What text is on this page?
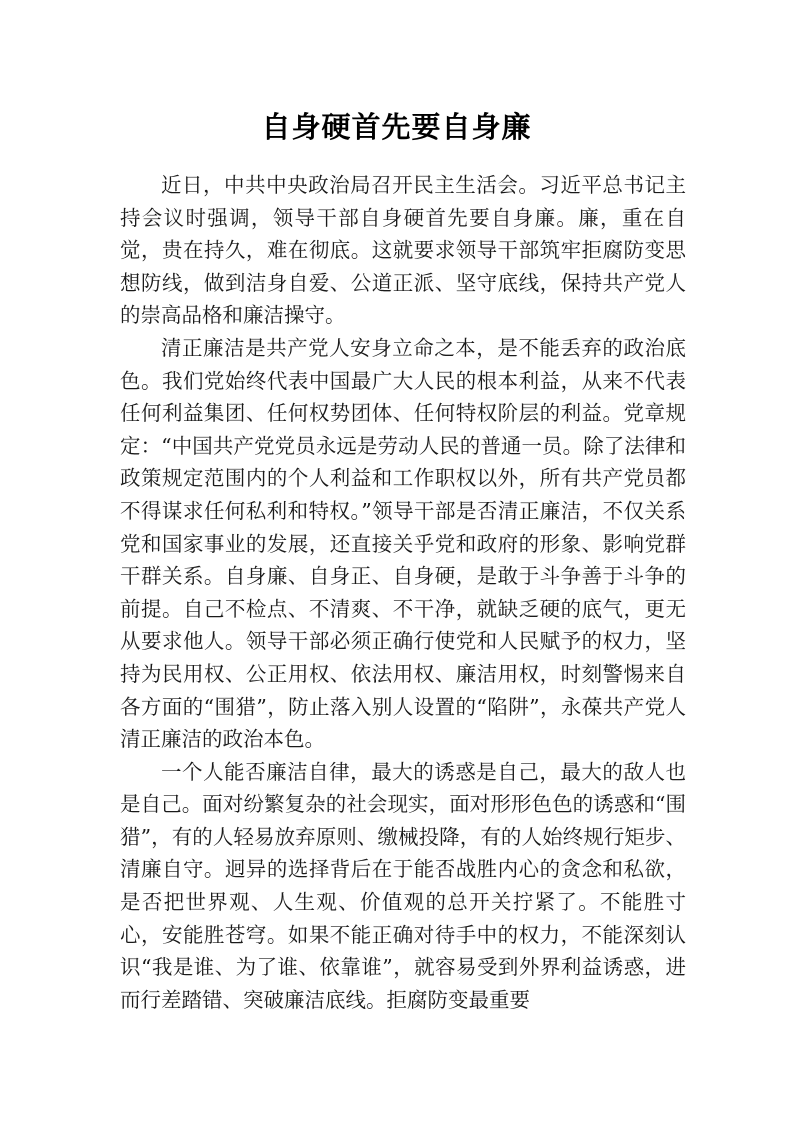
自身硬首先要自身廉

近日，中共中央政治局召开民主生活会。习近平总书记主持会议时强调，领导干部自身硬首先要自身廉。廉，重在自觉，贵在持久，难在彻底。这就要求领导干部筑牢拒腐防变思想防线，做到洁身自爱、公道正派、坚守底线，保持共产党人的崇高品格和廉洁操守。

清正廉洁是共产党人安身立命之本，是不能丢弃的政治底色。我们党始终代表中国最广大人民的根本利益，从来不代表任何利益集团、任何权势团体、任何特权阶层的利益。党章规定：“中国共产党党员永远是劳动人民的普通一员。除了法律和政策规定范围内的个人利益和工作职权以外，所有共产党员都不得谋求任何私利和特权。”领导干部是否清正廉洁，不仅关系党和国家事业的发展，还直接关乎党和政府的形象、影响党群干群关系。自身廉、自身正、自身硬，是敢于斗争善于斗争的前提。自己不检点、不清爽、不干净，就缺乏硬的底气，更无从要求他人。领导干部必须正确行使党和人民赋予的权力，坚持为民用权、公正用权、依法用权、廉洁用权，时刻警惕来自各方面的“围猎”，防止落入别人设置的“陷阱”，永葆共产党人清正廉洁的政治本色。

一个人能否廉洁自律，最大的诱惑是自己，最大的敌人也是自己。面对纷繁复杂的社会现实，面对形形色色的诱惑和“围猎”，有的人轻易放弃原则、缴械投降，有的人始终规行矩步、清廉自守。迥异的选择背后在于能否战胜内心的贪念和私欲，是否把世界观、人生观、价值观的总开关拧紧了。不能胜寸心，安能胜苍穹。如果不能正确对待手中的权力，不能深刻认识“我是谁、为了谁、依靠谁”，就容易受到外界利益诱惑，进而行差踏错、突破廉洁底线。拒腐防变最重要
